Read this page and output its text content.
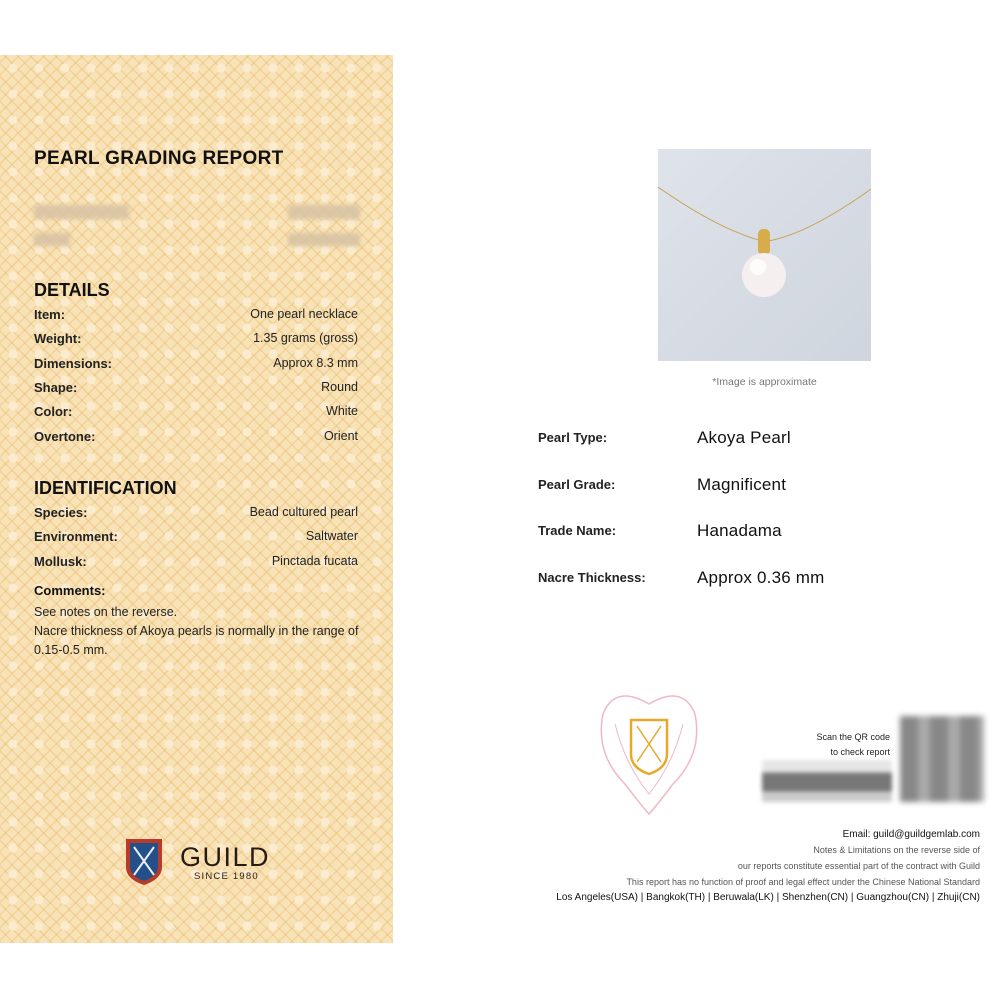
PEARL GRADING REPORT
DETAILS
IDENTIFICATION
Comments:
See notes on the reverse.
Nacre thickness of Akoya pearls is normally in the range of 0.15-0.5 mm.
GUILD
SINCE 1980
*Image is approximate
Scan the QR code
to check report
Email: guild@guildgemlab.com
Notes & Limitations on the reverse side of
our reports constitute essential part of the contract with Guild
This report has no function of proof and legal effect under the Chinese National Standard
Los Angeles(USA) | Bangkok(TH) | Beruwala(LK) | Shenzhen(CN) | Guangzhou(CN) | Zhuji(CN)
Item:	One pearl necklace
Weight:	1.35 grams (gross)
Dimensions:	Approx 8.3 mm
Shape:	Round
Color:	White
Overtone:	Orient
Species:	Bead cultured pearl
Environment:	Saltwater
Mollusk:	Pinctada fucata
Pearl Type:	Akoya Pearl
Pearl Grade:	Magnificent
Trade Name:	Hanadama
Nacre Thickness:	Approx 0.36 mm
